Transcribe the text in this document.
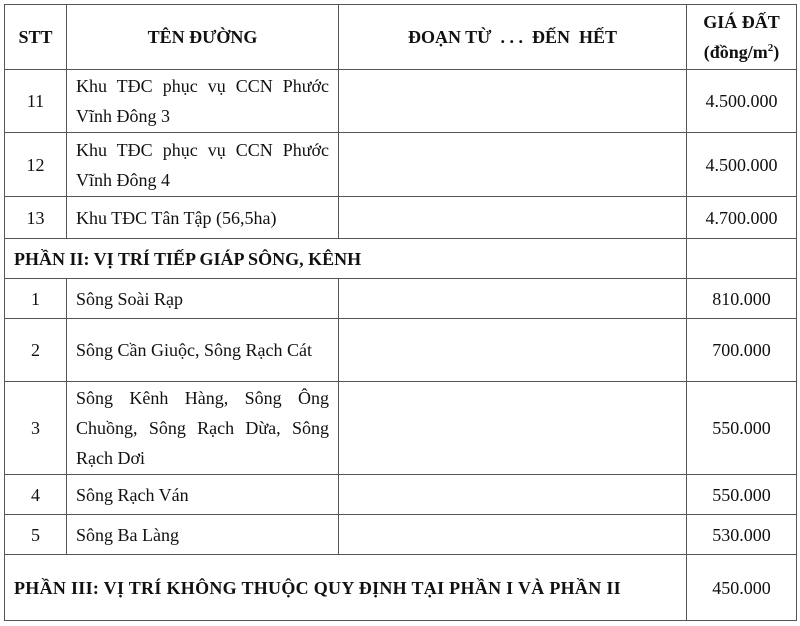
STT	TÊN ĐƯỜNG	ĐOẠN TỪ  . . .  ĐẾN  HẾT	GIÁ ĐẤT
$(đồng/m^2)$
11	Khu TĐC phục vụ CCN Phước Vĩnh Đông 3		4.500.000
12	Khu TĐC phục vụ CCN Phước Vĩnh Đông 4		4.500.000
13	Khu TĐC Tân Tập (56,5ha)		4.700.000
PHẦN II: VỊ TRÍ TIẾP GIÁP SÔNG, KÊNH			
1	Sông Soài Rạp		810.000
2	Sông Cần Giuộc, Sông Rạch Cát		700.000
3	Sông Kênh Hàng, Sông Ông Chuồng, Sông Rạch Dừa, Sông Rạch Dơi		550.000
4	Sông Rạch Ván		550.000
5	Sông Ba Làng		530.000
PHẦN III: VỊ TRÍ KHÔNG THUỘC QUY ĐỊNH TẠI PHẦN I VÀ PHẦN II			450.000
